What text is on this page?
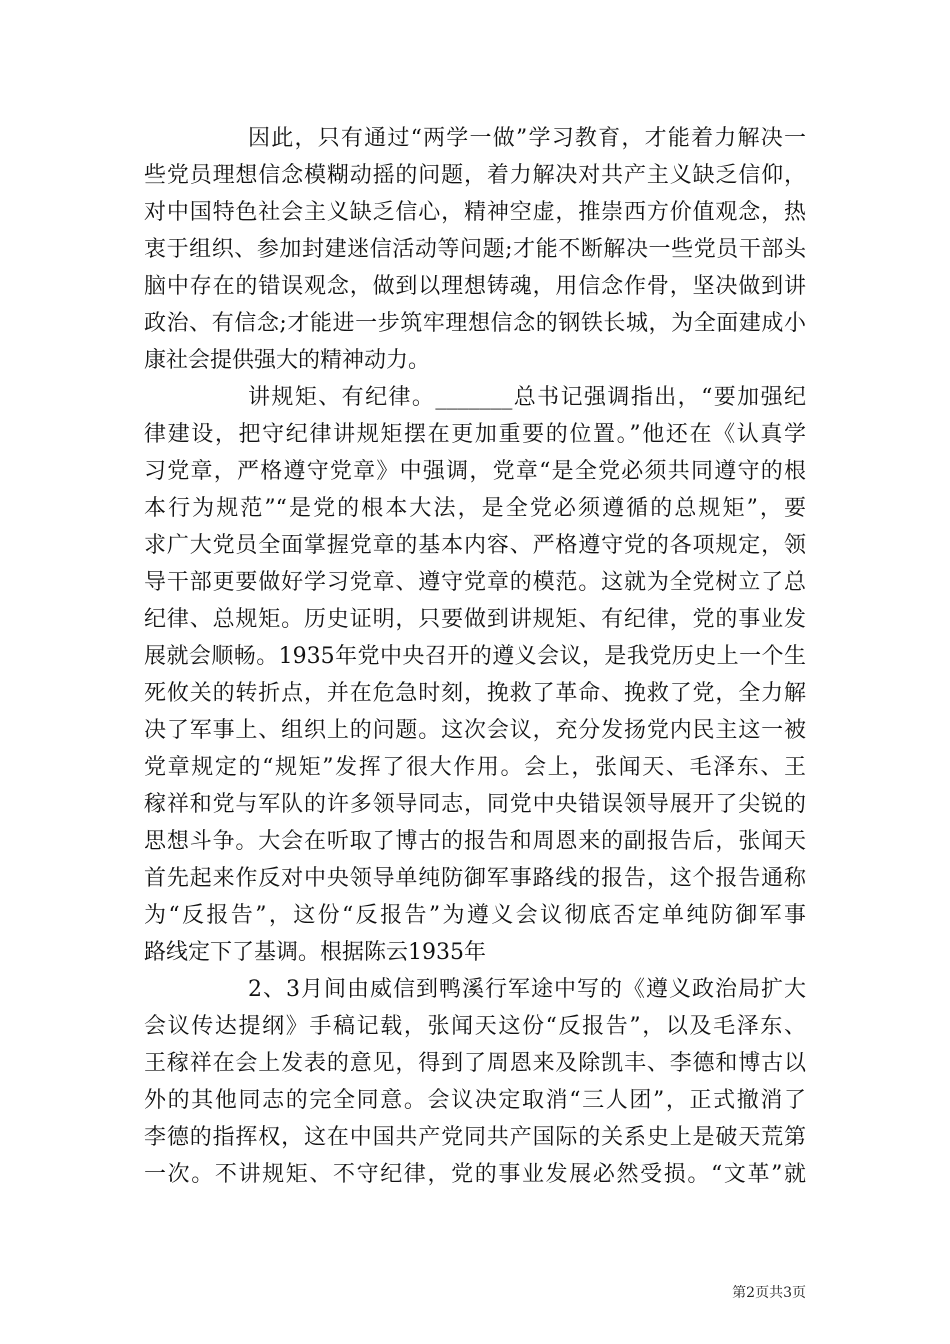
因此，只有通过“两学一做”学习教育，才能着力解决一
些党员理想信念模糊动摇的问题，着力解决对共产主义缺乏信仰，
对中国特色社会主义缺乏信心，精神空虚，推崇西方价值观念，热
衷于组织、参加封建迷信活动等问题;才能不断解决一些党员干部头
脑中存在的错误观念，做到以理想铸魂，用信念作骨，坚决做到讲
政治、有信念;才能进一步筑牢理想信念的钢铁长城，为全面建成小
康社会提供强大的精神动力。
讲规矩、有纪律。_______总书记强调指出，“要加强纪
律建设，把守纪律讲规矩摆在更加重要的位置。”他还在《认真学
习党章，严格遵守党章》中强调，党章“是全党必须共同遵守的根
本行为规范”“是党的根本大法，是全党必须遵循的总规矩”，要
求广大党员全面掌握党章的基本内容、严格遵守党的各项规定，领
导干部更要做好学习党章、遵守党章的模范。这就为全党树立了总
纪律、总规矩。历史证明，只要做到讲规矩、有纪律，党的事业发
展就会顺畅。1935年党中央召开的遵义会议，是我党历史上一个生
死攸关的转折点，并在危急时刻，挽救了革命、挽救了党，全力解
决了军事上、组织上的问题。这次会议，充分发扬党内民主这一被
党章规定的“规矩”发挥了很大作用。会上，张闻天、毛泽东、王
稼祥和党与军队的许多领导同志，同党中央错误领导展开了尖锐的
思想斗争。大会在听取了博古的报告和周恩来的副报告后，张闻天
首先起来作反对中央领导单纯防御军事路线的报告，这个报告通称
为“反报告”，这份“反报告”为遵义会议彻底否定单纯防御军事
路线定下了基调。根据陈云1935年
2、3月间由威信到鸭溪行军途中写的《遵义政治局扩大
会议传达提纲》手稿记载，张闻天这份“反报告”，以及毛泽东、
王稼祥在会上发表的意见，得到了周恩来及除凯丰、李德和博古以
外的其他同志的完全同意。会议决定取消“三人团”，正式撤消了
李德的指挥权，这在中国共产党同共产国际的关系史上是破天荒第
一次。不讲规矩、不守纪律，党的事业发展必然受损。“文革”就
第2页共3页
